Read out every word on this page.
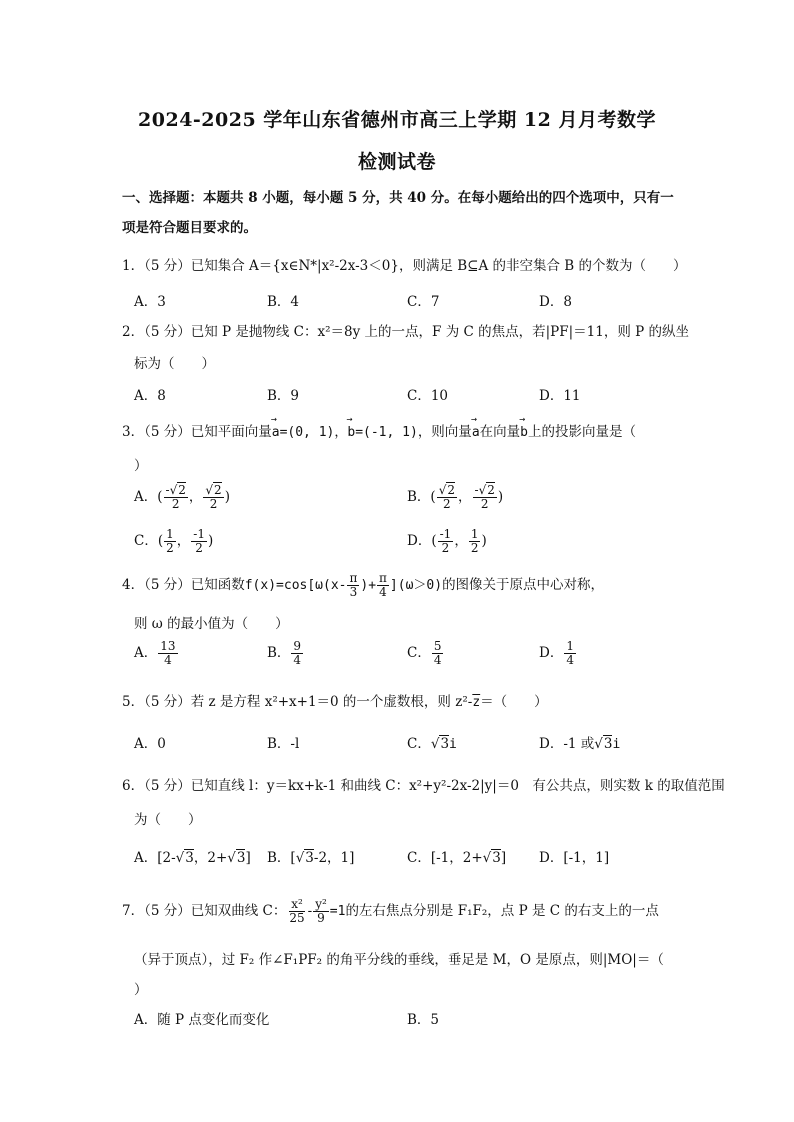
2024-2025 学年山东省德州市高三上学期 12 月月考数学
检测试卷
一、选择题：本题共 8 小题，每小题 5 分，共 40 分。在每小题给出的四个选项中，只有一
项是符合题目要求的。
1．（5 分）已知集合 A＝{x∈N*|x²-2x-3＜0}，则满足 B⊆A 的非空集合 B 的个数为（　　）
A．3	B．4	C．7	D．8
2．（5 分）已知 P 是抛物线 C：x²＝8y 上的一点，F 为 C 的焦点，若|PF|＝11，则 P 的纵坐
标为（　　）
A．8	B．9	C．10	D．11
3．（5 分）已知平面向量→ a=(0, 1)，→ b=(-1, 1)，则向量→ a在向量→ b上的投影向量是（
）
A．( $\frac{-√2}{2}$ ， $\frac{√2}{2}$ )	B．( $\frac{√2}{2}$ ， $\frac{-√2}{2}$ )
C．( $\frac{1}{2}$ ， $\frac{-1}{2}$ )	D．( $\frac{-1}{2}$ ， $\frac{1}{2}$ )
4．（5 分）已知函数$f(x)=\cos[\omega(x- \frac{\pi}{3}$ )+ $\frac{\pi}{4} ](\omega>0)$的图像关于原点中心对称，
则 ω 的最小值为（　　）
A． $\frac{13}{4}$	B． $\frac{9}{4}$	C． $\frac{5}{4}$	D． $\frac{1}{4}$
5．（5 分）若 z 是方程 x²+x+1＝0 的一个虚数根，则 $z^2-\overline{z}=$（　　）
A．0	B．-l	C．√3i	D．-1 或√3i
6．（5 分）已知直线 l：y＝kx+k-1 和曲线 C：x²+y²-2x-2|y|＝0　有公共点，则实数 k 的取值范围
为（　　）
A．[2-√3，2+√3] B．[√3-2，1]	C．[-1，2+√3] D．[-1，1]
7．（5 分）已知双曲线 C： $\frac{\text{x²}}{25} - \frac{\text{y²}}{9} =1$的左右焦点分别是 F₁F₂，点 P 是 C 的右支上的一点
（异于顶点），过 F₂ 作∠F₁PF₂ 的角平分线的垂线，垂足是 M，O 是原点，则|MO|＝（
）
A．随 P 点变化而变化	B．5
